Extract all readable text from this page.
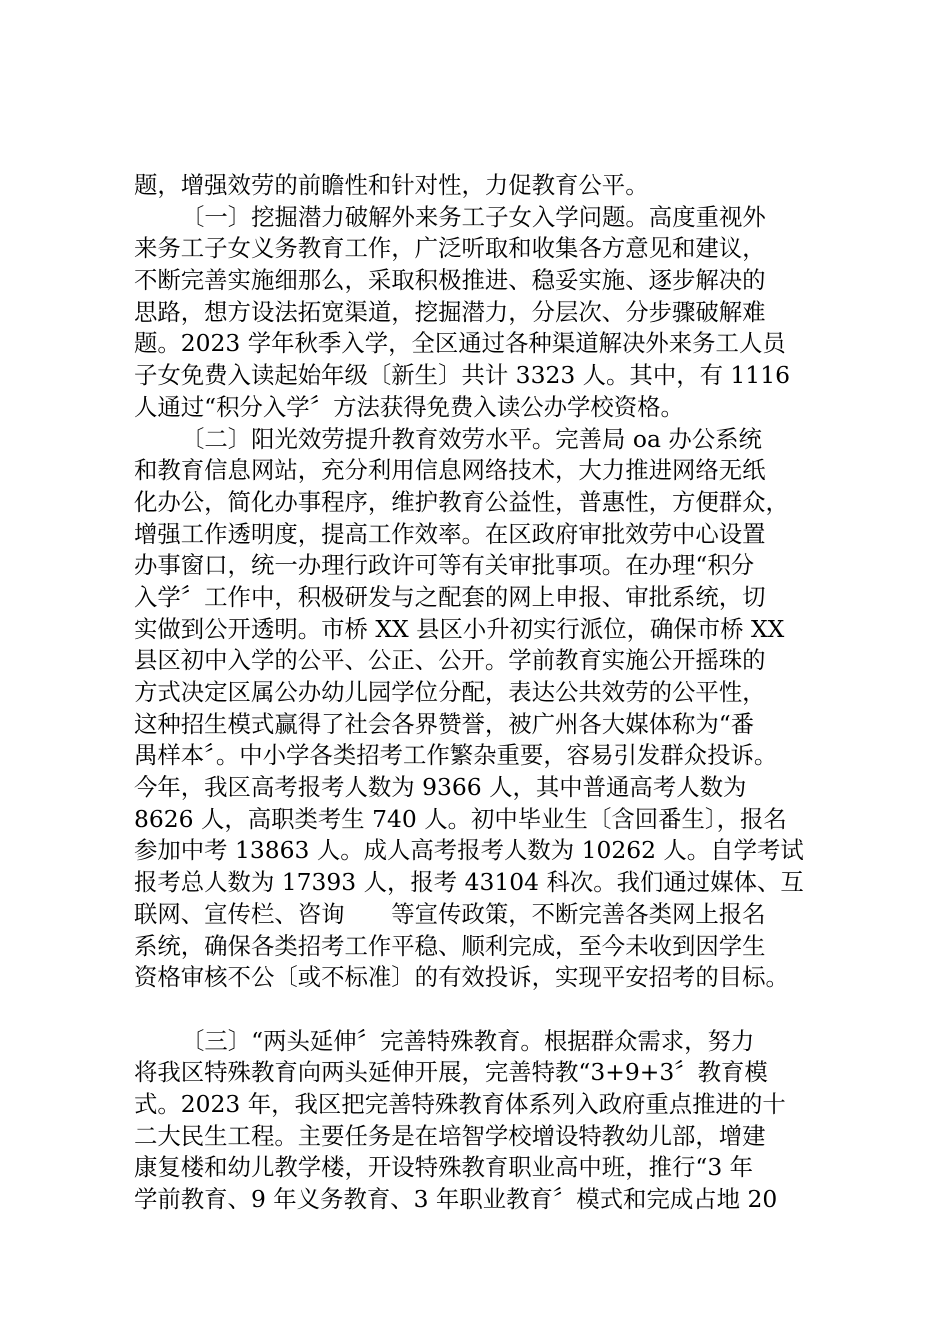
题，增强效劳的前瞻性和针对性，力促教育公平。
〔一〕挖掘潜力破解外来务工子女入学问题。高度重视外
来务工子女义务教育工作，广泛听取和收集各方意见和建议，
不断完善实施细那么，采取积极推进、稳妥实施、逐步解决的
思路，想方设法拓宽渠道，挖掘潜力，分层次、分步骤破解难
题。2023 学年秋季入学，全区通过各种渠道解决外来务工人员
子女免费入读起始年级〔新生〕共计 3323 人。其中，有 1116
人通过“积分入学〞方法获得免费入读公办学校资格。
〔二〕阳光效劳提升教育效劳水平。完善局 oa 办公系统
和教育信息网站，充分利用信息网络技术，大力推进网络无纸
化办公，简化办事程序，维护教育公益性，普惠性，方便群众，
增强工作透明度，提高工作效率。在区政府审批效劳中心设置
办事窗口，统一办理行政许可等有关审批事项。在办理“积分
入学〞工作中，积极研发与之配套的网上申报、审批系统，切
实做到公开透明。市桥 XX 县区小升初实行派位，确保市桥 XX
县区初中入学的公平、公正、公开。学前教育实施公开摇珠的
方式决定区属公办幼儿园学位分配，表达公共效劳的公平性，
这种招生模式赢得了社会各界赞誉，被广州各大媒体称为“番
禺样本〞。中小学各类招考工作繁杂重要，容易引发群众投诉。
今年，我区高考报考人数为 9366 人，其中普通高考人数为
8626 人，高职类考生 740 人。初中毕业生〔含回番生〕，报名
参加中考 13863 人。成人高考报考人数为 10262 人。自学考试
报考总人数为 17393 人，报考 43104 科次。我们通过媒体、互
联网、宣传栏、咨询　　等宣传政策，不断完善各类网上报名
系统，确保各类招考工作平稳、顺利完成，至今未收到因学生
资格审核不公〔或不标准〕的有效投诉，实现平安招考的目标。
〔三〕“两头延伸〞完善特殊教育。根据群众需求，努力
将我区特殊教育向两头延伸开展，完善特教“3+9+3〞教育模
式。2023 年，我区把完善特殊教育体系列入政府重点推进的十
二大民生工程。主要任务是在培智学校增设特教幼儿部，增建
康复楼和幼儿教学楼，开设特殊教育职业高中班，推行“3 年
学前教育、9 年义务教育、3 年职业教育〞模式和完成占地 20
